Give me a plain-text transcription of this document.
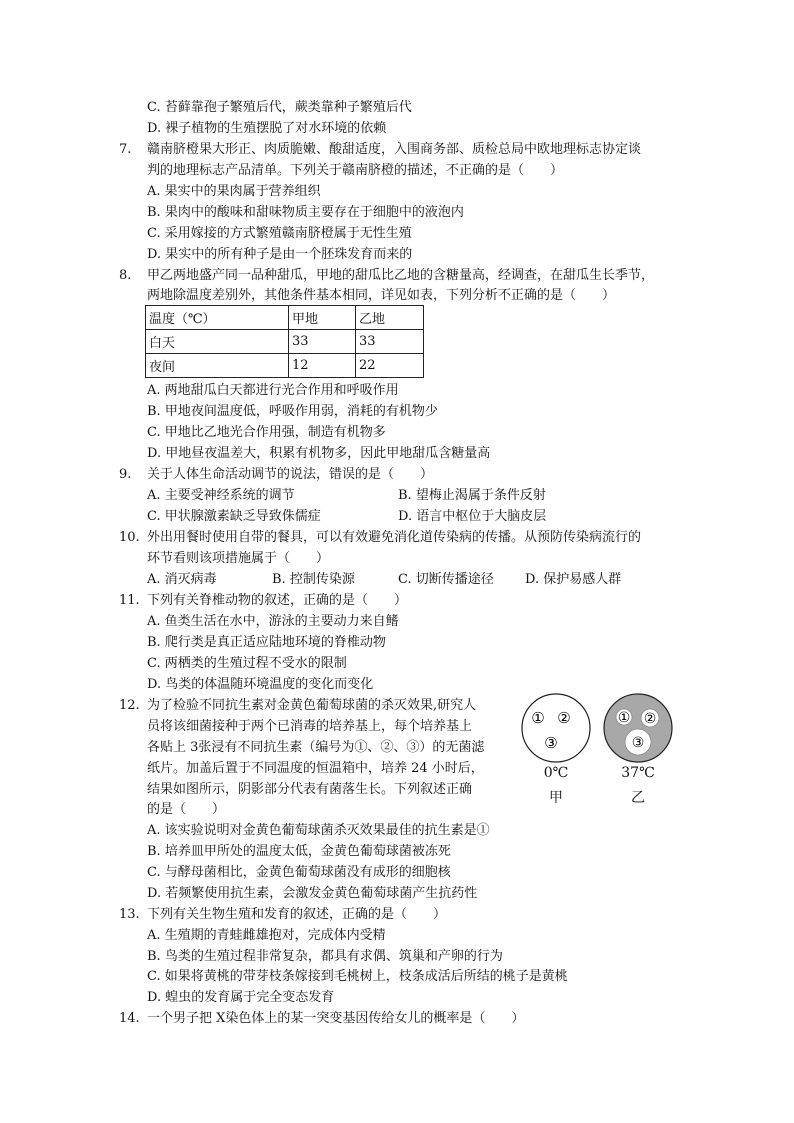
C. 苔藓靠孢子繁殖后代，蕨类靠种子繁殖后代
D. 裸子植物的生殖摆脱了对水环境的依赖
7. 赣南脐橙果大形正、肉质脆嫩、酸甜适度，入围商务部、质检总局中欧地理标志协定谈
判的地理标志产品清单。下列关于赣南脐橙的描述，不正确的是（　　）
A. 果实中的果肉属于营养组织
B. 果肉中的酸味和甜味物质主要存在于细胞中的液泡内
C. 采用嫁接的方式繁殖赣南脐橙属于无性生殖
D. 果实中的所有种子是由一个胚珠发育而来的
8. 甲乙两地盛产同一品种甜瓜，甲地的甜瓜比乙地的含糖量高，经调查，在甜瓜生长季节，
两地除温度差别外，其他条件基本相同，详见如表，下列分析不正确的是（　　）
温度（℃）	甲地	乙地
白天	33	33
夜间	12	22
A. 两地甜瓜白天都进行光合作用和呼吸作用
B. 甲地夜间温度低，呼吸作用弱，消耗的有机物少
C. 甲地比乙地光合作用强，制造有机物多
D. 甲地昼夜温差大，积累有机物多，因此甲地甜瓜含糖量高
9. 关于人体生命活动调节的说法，错误的是（　　）
A. 主要受神经系统的调节	B. 望梅止渴属于条件反射
C. 甲状腺激素缺乏导致侏儒症	D. 语言中枢位于大脑皮层
10. 外出用餐时使用自带的餐具，可以有效避免消化道传染病的传播。从预防传染病流行的
环节看则该项措施属于（　　）
A. 消灭病毒	B. 控制传染源	C. 切断传播途径 D. 保护易感人群
11. 下列有关脊椎动物的叙述，正确的是（　　）
A. 鱼类生活在水中，游泳的主要动力来自鳍
B. 爬行类是真正适应陆地环境的脊椎动物
C. 两栖类的生殖过程不受水的限制
D. 鸟类的体温随环境温度的变化而变化
12. 为了检验不同抗生素对金黄色葡萄球菌的杀灭效果,研究人
员将该细菌接种于两个已消毒的培养基上，每个培养基上
各贴上 3张浸有不同抗生素（编号为①、②、③）的无菌滤
纸片。加盖后置于不同温度的恒温箱中，培养 24 小时后，
结果如图所示，阴影部分代表有菌落生长。下列叙述正确
的是（　　）
① ②
③
① ②
③
0℃
甲
37℃
乙
A. 该实验说明对金黄色葡萄球菌杀灭效果最佳的抗生素是①
B. 培养皿甲所处的温度太低，金黄色葡萄球菌被冻死
C. 与酵母菌相比，金黄色葡萄球菌没有成形的细胞核
D. 若频繁使用抗生素，会激发金黄色葡萄球菌产生抗药性
13. 下列有关生物生殖和发育的叙述，正确的是（　　）
A. 生殖期的青蛙雌雄抱对，完成体内受精
B. 鸟类的生殖过程非常复杂，都具有求偶、筑巢和产卵的行为
C. 如果将黄桃的带芽枝条嫁接到毛桃树上，枝条成活后所结的桃子是黄桃
D. 蝗虫的发育属于完全变态发育
14. 一个男子把 X染色体上的某一突变基因传给女儿的概率是（　　）
